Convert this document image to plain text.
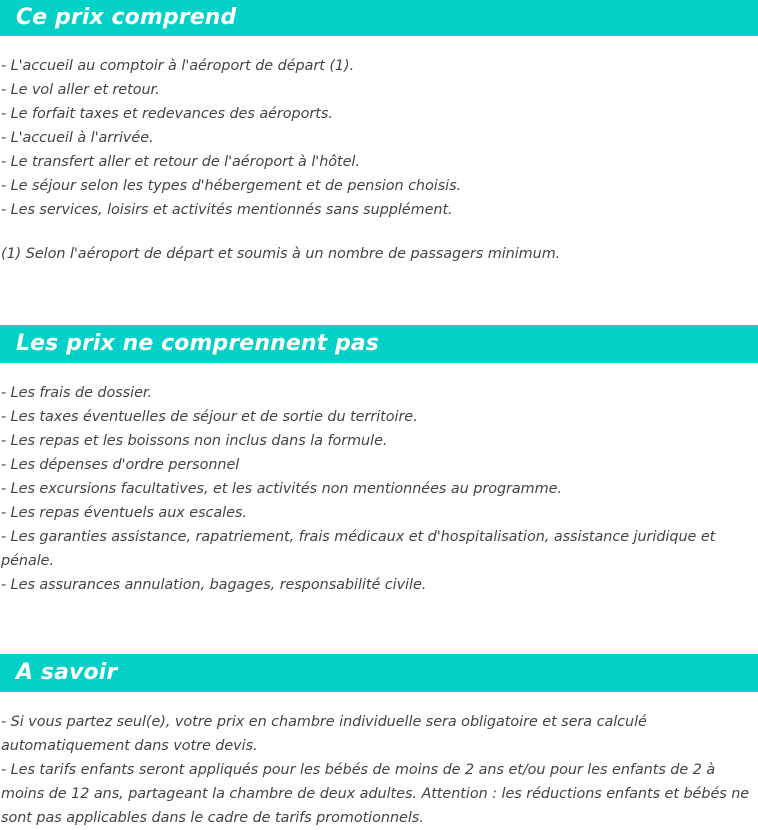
Ce prix comprend
- L'accueil au comptoir à l'aéroport de départ (1).
- Le vol aller et retour.
- Le forfait taxes et redevances des aéroports.
- L'accueil à l'arrivée.
- Le transfert aller et retour de l'aéroport à l'hôtel.
- Le séjour selon les types d'hébergement et de pension choisis.
- Les services, loisirs et activités mentionnés sans supplément.
(1) Selon l'aéroport de départ et soumis à un nombre de passagers minimum.
Les prix ne comprennent pas
- Les frais de dossier.
- Les taxes éventuelles de séjour et de sortie du territoire.
- Les repas et les boissons non inclus dans la formule.
- Les dépenses d'ordre personnel
- Les excursions facultatives, et les activités non mentionnées au programme.
- Les repas éventuels aux escales.
- Les garanties assistance, rapatriement, frais médicaux et d'hospitalisation, assistance juridique et pénale.
- Les assurances annulation, bagages, responsabilité civile.
A savoir
- Si vous partez seul(e), votre prix en chambre individuelle sera obligatoire et sera calculé automatiquement dans votre devis.
- Les tarifs enfants seront appliqués pour les bébés de moins de 2 ans et/ou pour les enfants de 2 à moins de 12 ans, partageant la chambre de deux adultes. Attention : les réductions enfants et bébés ne sont pas applicables dans le cadre de tarifs promotionnels.
